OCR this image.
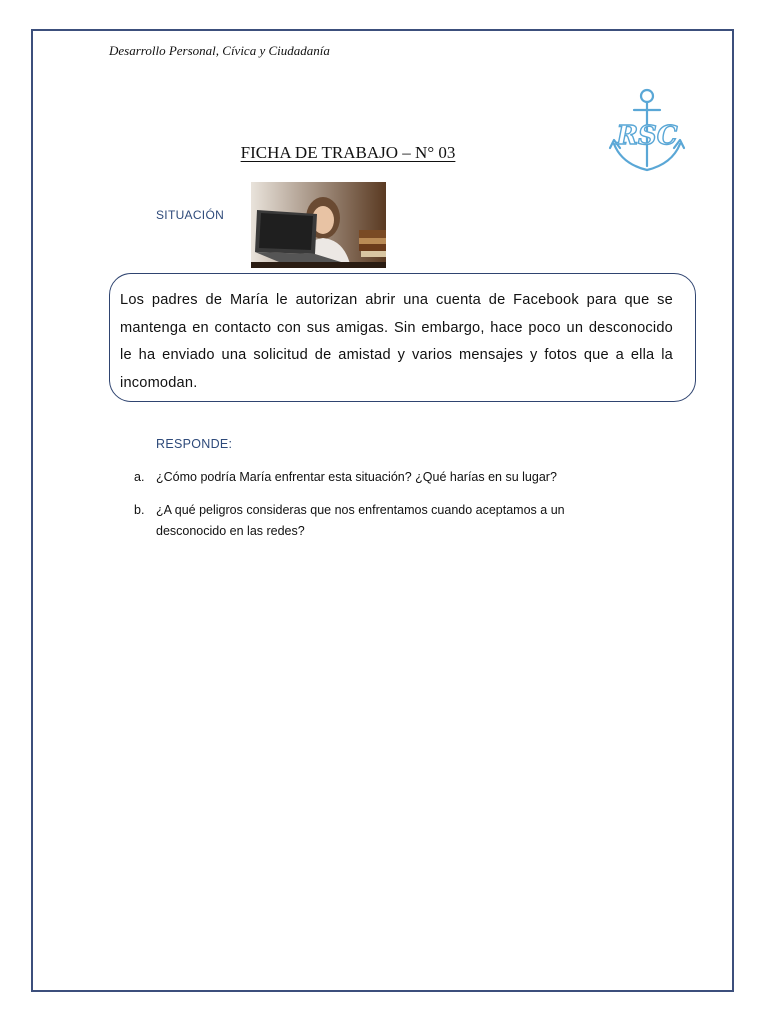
Desarrollo Personal, Cívica y Ciudadanía
RSC
FICHA DE TRABAJO – N° 03
SITUACIÓN

Los padres de María le autorizan abrir una cuenta de Facebook para que se mantenga en contacto con sus amigas. Sin embargo, hace poco un desconocido le ha enviado una solicitud de amistad y varios mensajes y fotos que a ella la incomodan.

RESPONDE:
a. ¿Cómo podría María enfrentar esta situación? ¿Qué harías en su lugar?
b. ¿A qué peligros consideras que nos enfrentamos cuando aceptamos a un desconocido en las redes?
